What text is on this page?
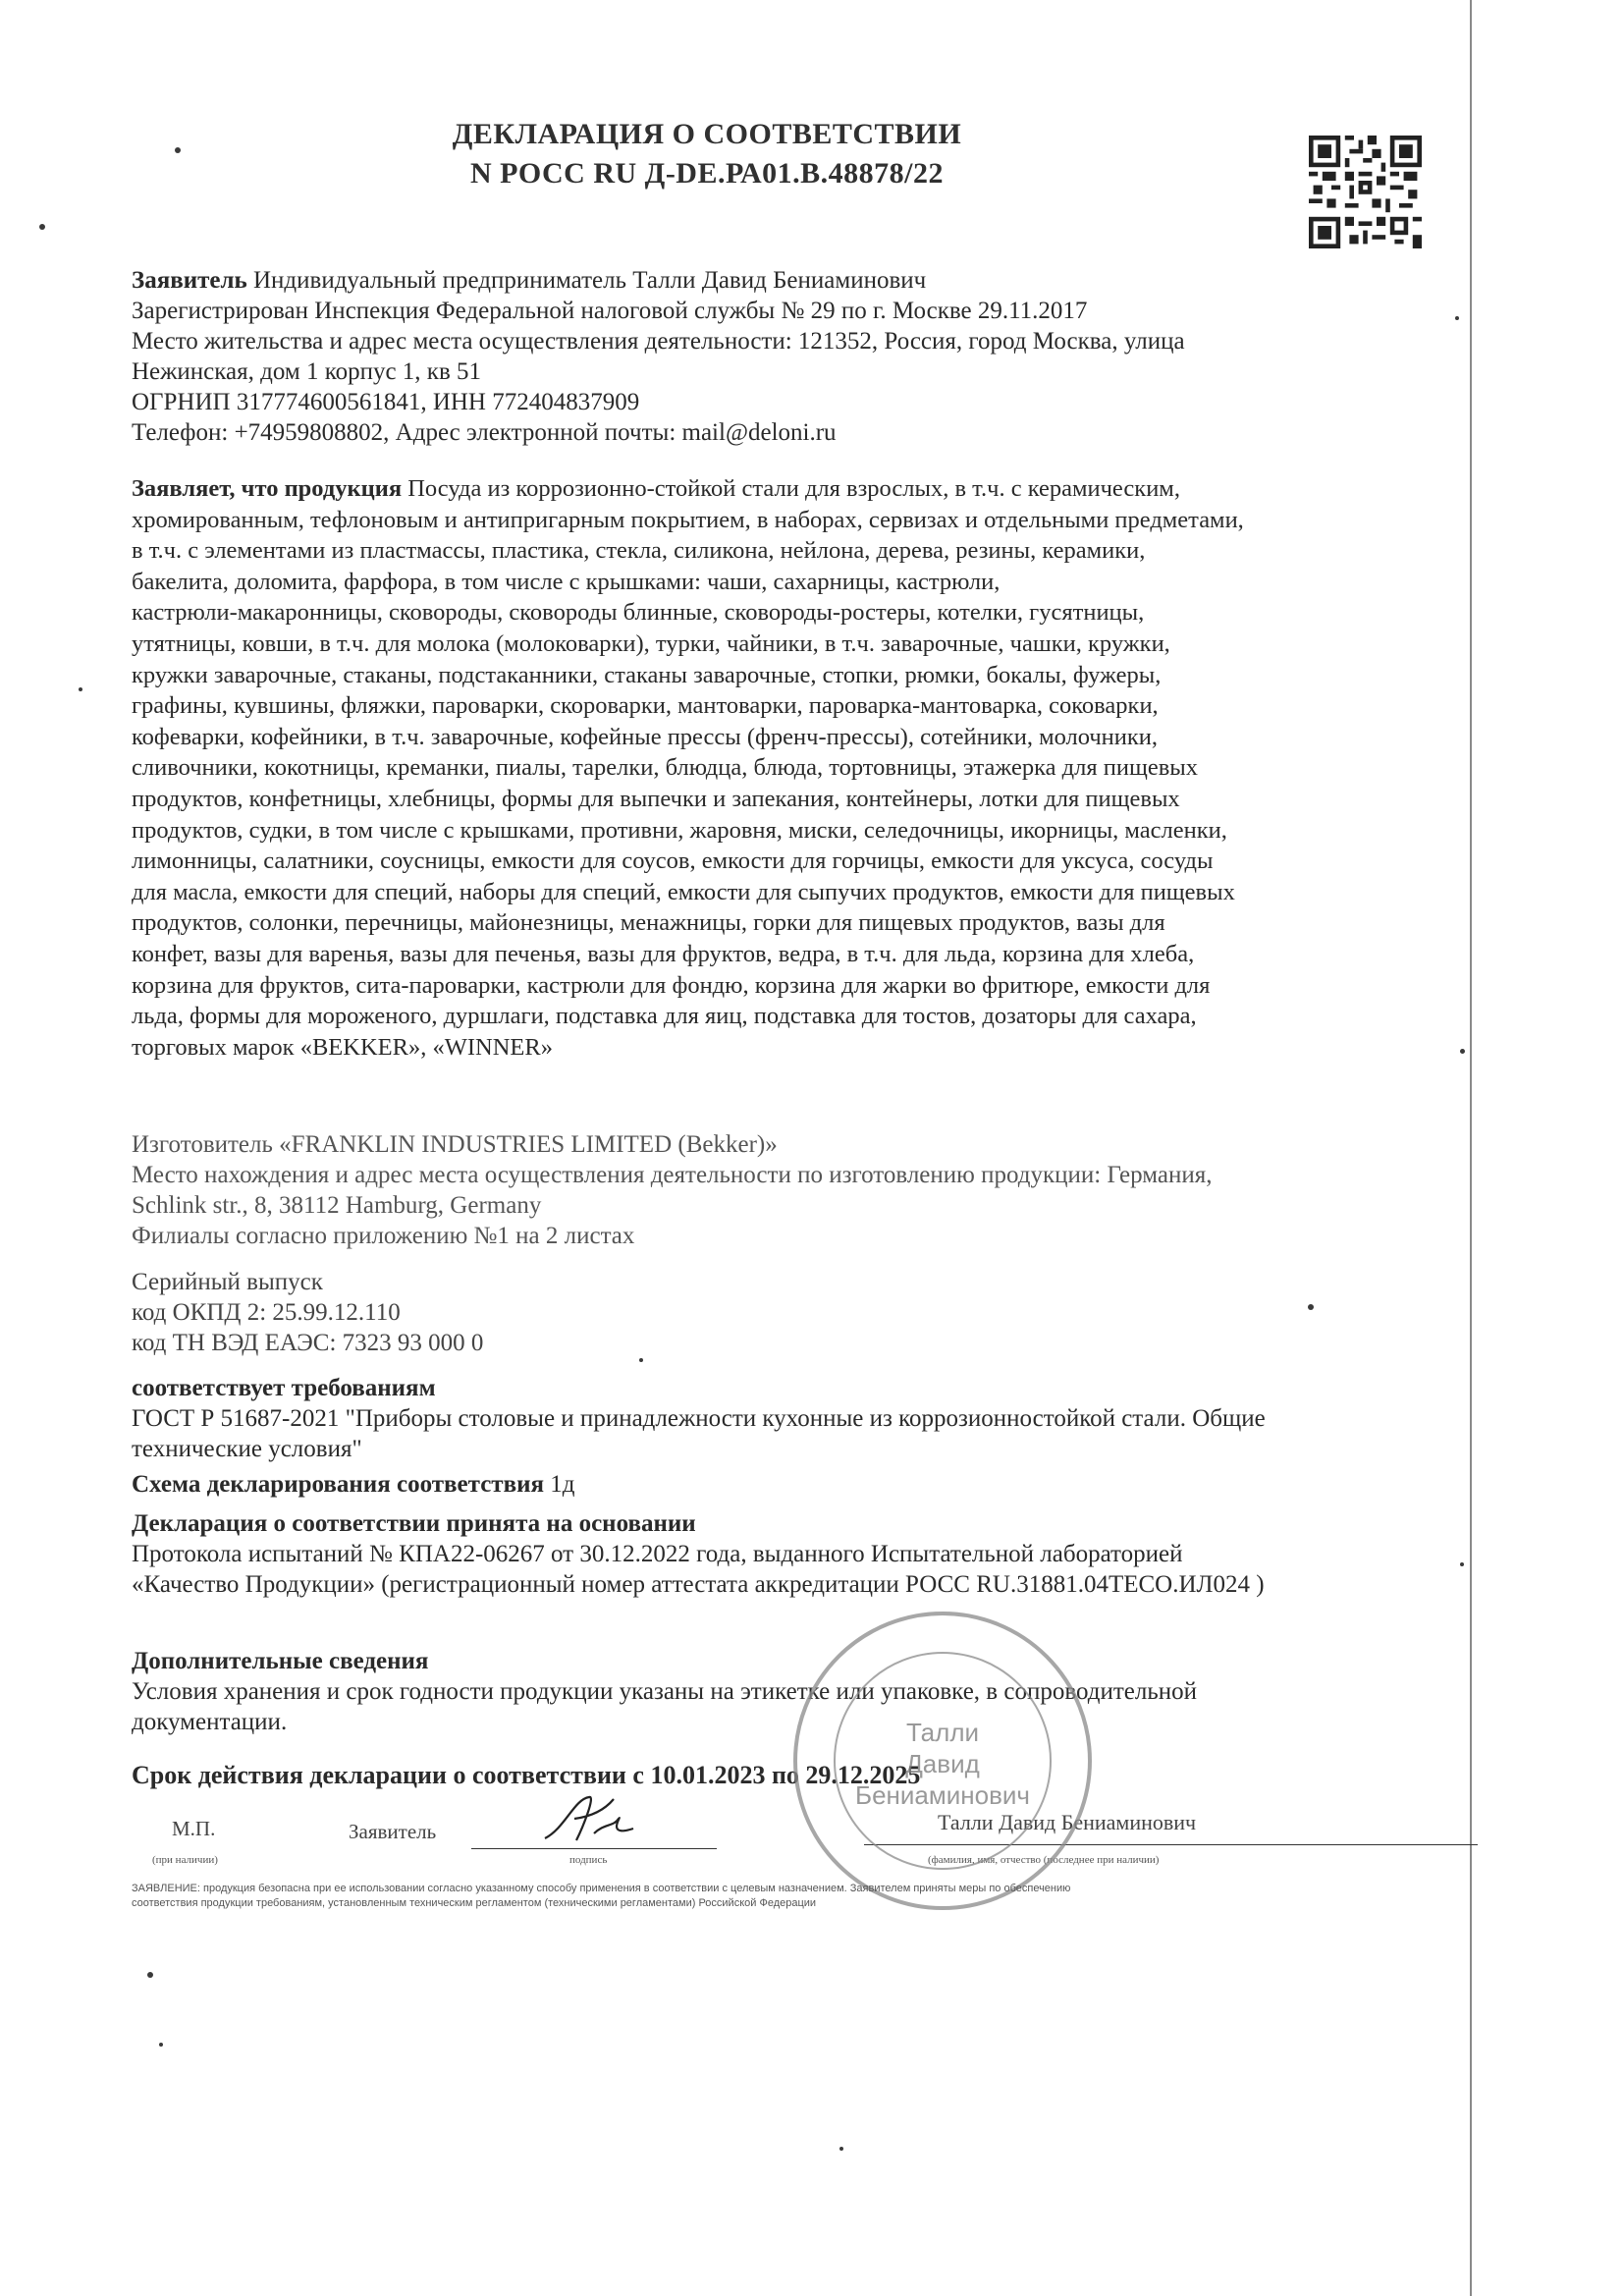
ДЕКЛАРАЦИЯ О СООТВЕТСТВИИ
N РОСС RU Д-DE.РА01.В.48878/22
Заявитель Индивидуальный предприниматель Талли Давид Бениаминович
Зарегистрирован Инспекция Федеральной налоговой службы № 29 по г. Москве 29.11.2017
Место жительства и адрес места осуществления деятельности: 121352, Россия, город Москва, улица
Нежинская, дом 1 корпус 1, кв 51
ОГРНИП 317774600561841, ИНН 772404837909
Телефон: +74959808802, Адрес электронной почты: mail@deloni.ru
Заявляет, что продукция Посуда из коррозионно-стойкой стали для взрослых, в т.ч. с керамическим,
хромированным, тефлоновым и антипригарным покрытием, в наборах, сервизах и отдельными предметами,
в т.ч. с элементами из пластмассы, пластика, стекла, силикона, нейлона, дерева, резины, керамики,
бакелита, доломита, фарфора, в том числе с крышками: чаши, сахарницы, кастрюли,
кастрюли-макаронницы, сковороды, сковороды блинные, сковороды-ростеры, котелки, гусятницы,
утятницы, ковши, в т.ч. для молока (молоковарки), турки, чайники, в т.ч. заварочные, чашки, кружки,
кружки заварочные, стаканы, подстаканники, стаканы заварочные, стопки, рюмки, бокалы, фужеры,
графины, кувшины, фляжки, пароварки, скороварки, мантоварки, пароварка-мантоварка, соковарки,
кофеварки, кофейники, в т.ч. заварочные, кофейные прессы (френч-прессы), сотейники, молочники,
сливочники, кокотницы, креманки, пиалы, тарелки, блюдца, блюда, тортовницы, этажерка для пищевых
продуктов, конфетницы, хлебницы, формы для выпечки и запекания, контейнеры, лотки для пищевых
продуктов, судки, в том числе с крышками, противни, жаровня, миски, селедочницы, икорницы, масленки,
лимонницы, салатники, соусницы, емкости для соусов, емкости для горчицы, емкости для уксуса, сосуды
для масла, емкости для специй, наборы для специй, емкости для сыпучих продуктов, емкости для пищевых
продуктов, солонки, перечницы, майонезницы, менажницы, горки для пищевых продуктов, вазы для
конфет, вазы для варенья, вазы для печенья, вазы для фруктов, ведра, в т.ч. для льда, корзина для хлеба,
корзина для фруктов, сита-пароварки, кастрюли для фондю, корзина для жарки во фритюре, емкости для
льда, формы для мороженого, дуршлаги, подставка для яиц, подставка для тостов, дозаторы для сахара,
торговых марок «BEKKER», «WINNER»
Изготовитель «FRANKLIN INDUSTRIES LIMITED (Bekker)»
Место нахождения и адрес места осуществления деятельности по изготовлению продукции: Германия,
Schlink str., 8, 38112 Hamburg, Germany
Филиалы согласно приложению №1 на 2 листах
Серийный выпуск
код ОКПД 2: 25.99.12.110
код ТН ВЭД ЕАЭС: 7323 93 000 0
соответствует требованиям
ГОСТ Р 51687-2021 "Приборы столовые и принадлежности кухонные из коррозионностойкой стали. Общие
технические условия"
Схема декларирования соответствия 1д
Декларация о соответствии принята на основании
Протокола испытаний № КПА22-06267 от 30.12.2022 года, выданного Испытательной лабораторией
«Качество Продукции» (регистрационный номер аттестата аккредитации РОСС RU.31881.04ТЕСО.ИЛ024 )
Дополнительные сведения
Условия хранения и срок годности продукции указаны на этикетке или упаковке, в сопроводительной
документации.
Срок действия декларации о соответствии с 10.01.2023 по 29.12.2025
М.П.
(при наличии)
Заявитель
подпись
Талли Давид Бениаминович
(фамилия, имя, отчество (последнее при наличии)
Талли
Давид
Бениаминович
ЗАЯВЛЕНИЕ: продукция безопасна при ее использовании согласно указанному способу применения в соответствии с целевым назначением. Заявителем приняты меры по обеспечению
соответствия продукции требованиям, установленным техническим регламентом (техническими регламентами) Российской Федерации
